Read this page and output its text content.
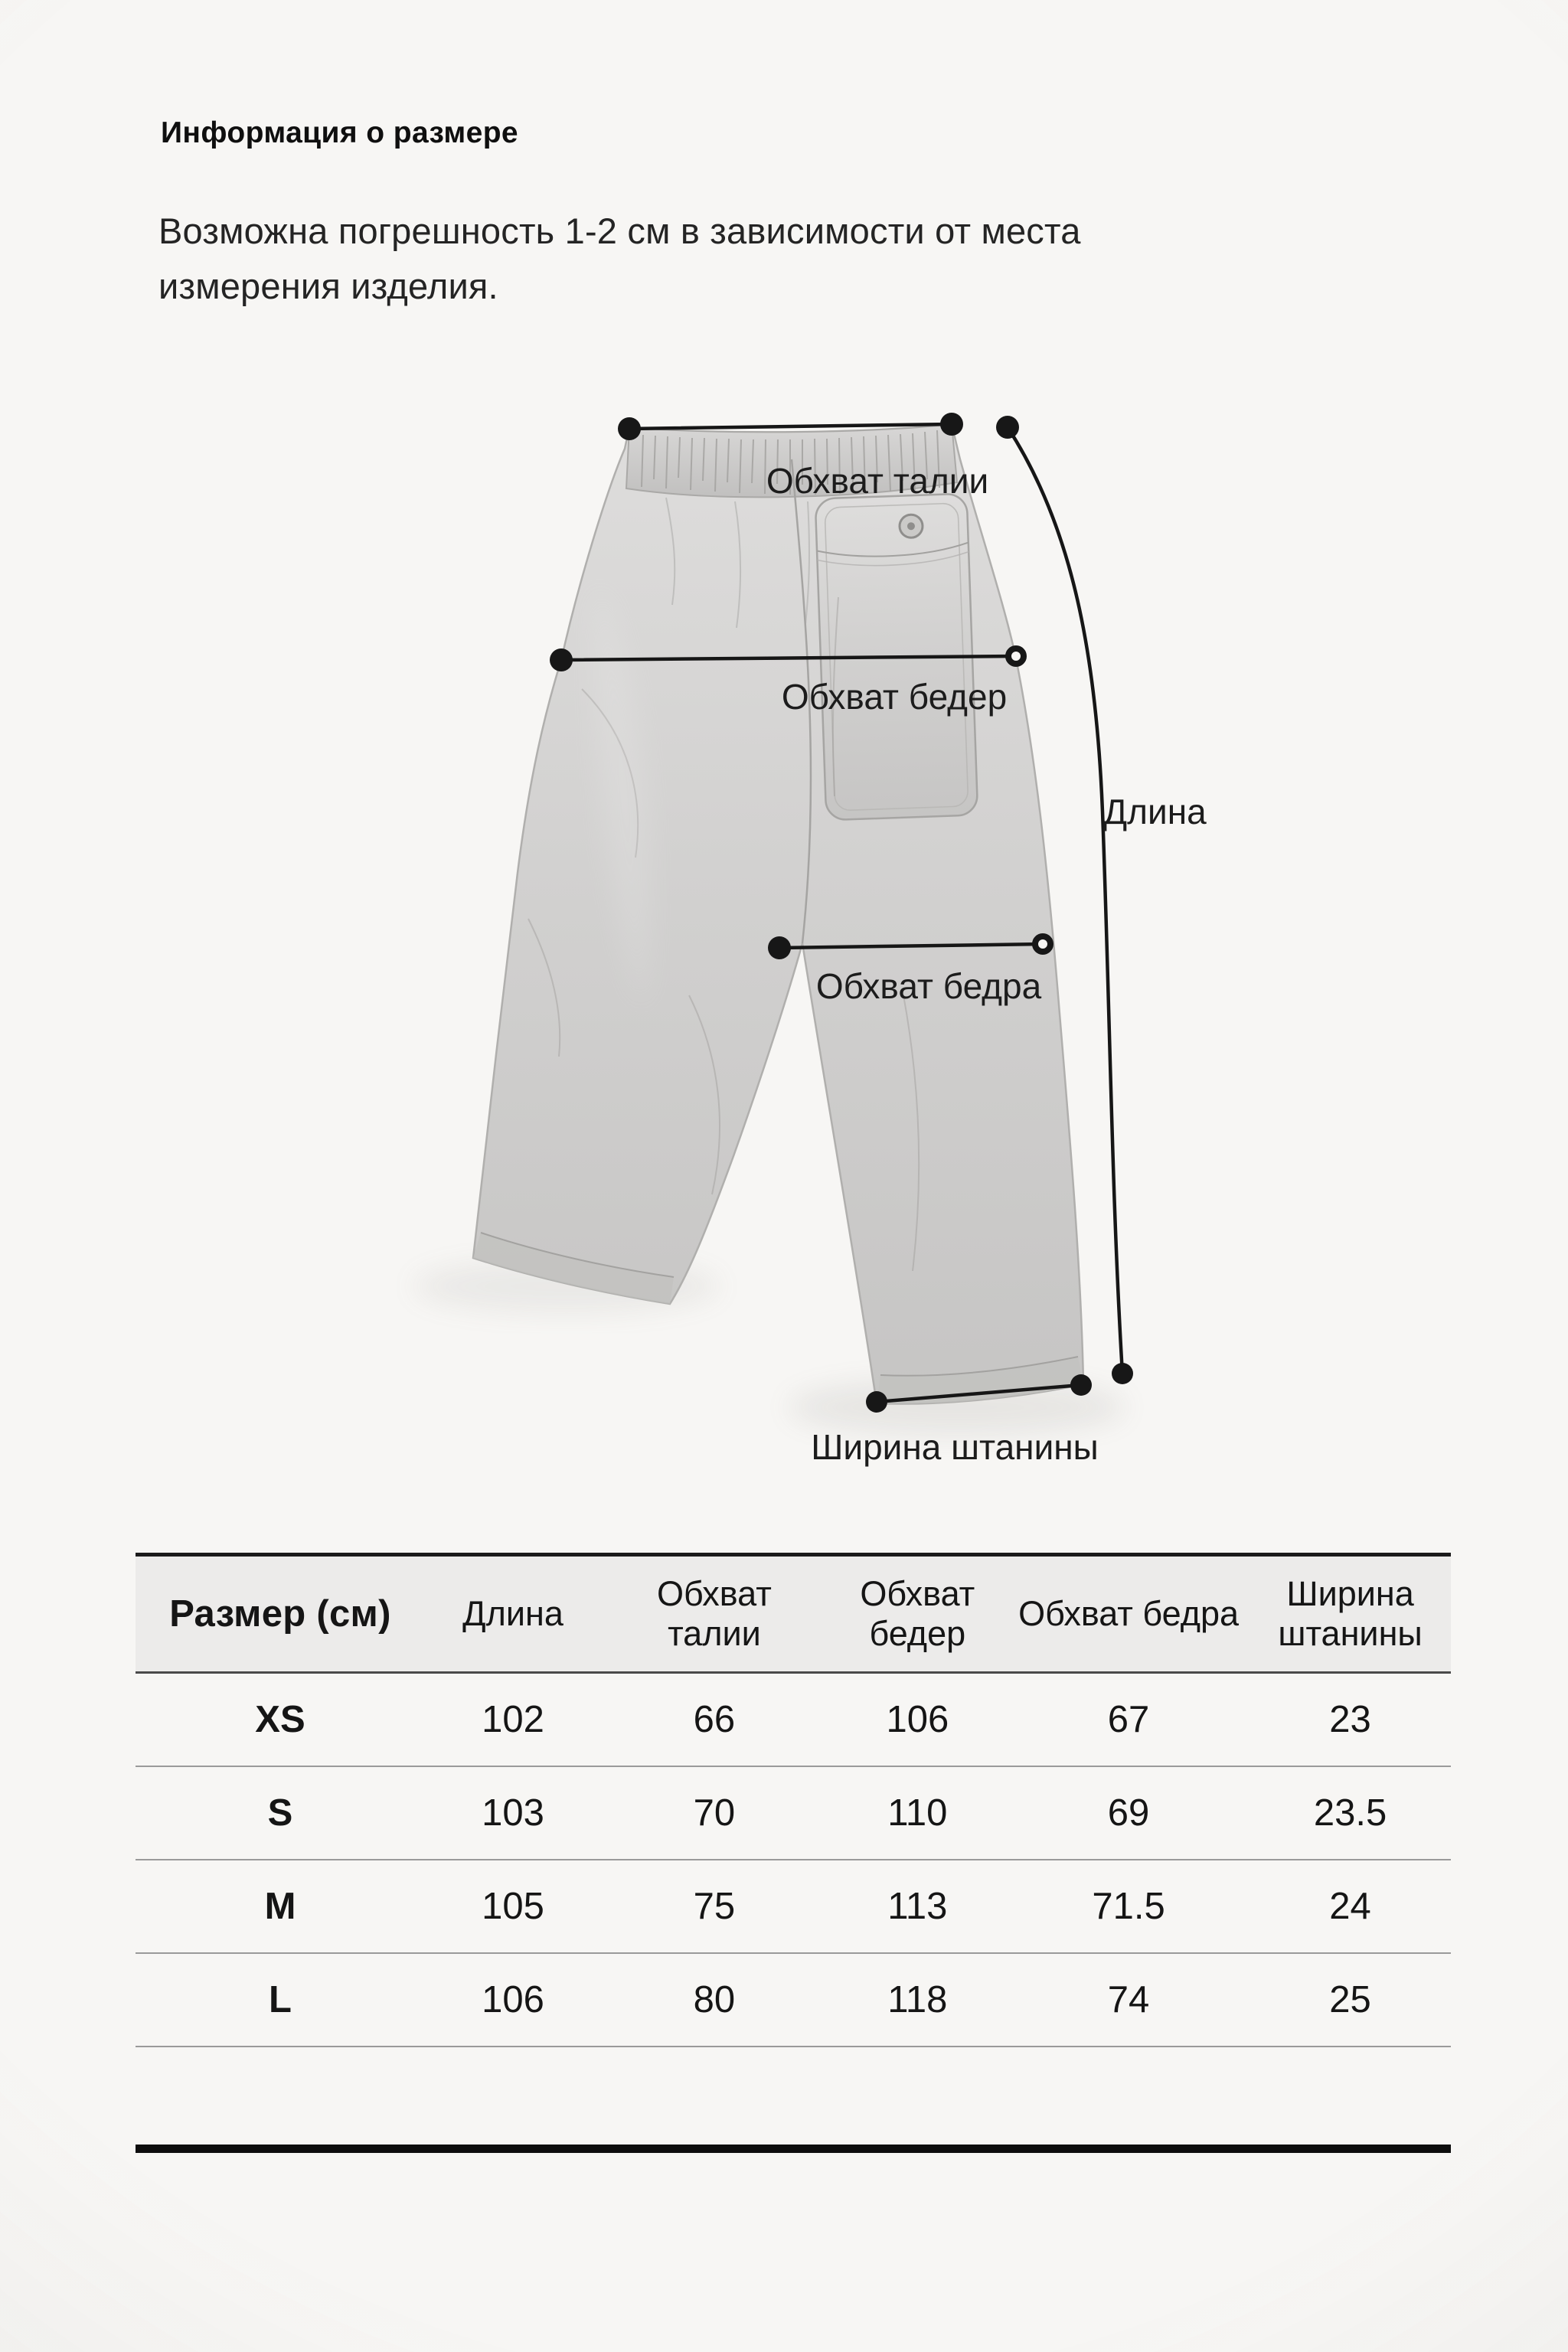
Информация о размере
Возможна погрешность 1-2 см в зависимости от места
измерения изделия.
Обхват талии
Обхват бедер
Длина
Обхват бедра
Ширина штанины
Размер (см)	Длина	Обхват талии	Обхват бедер	Обхват бедра	Ширина штанины
XS	102	66	106	67	23
S	103	70	110	69	23.5
M	105	75	113	71.5	24
L	106	80	118	74	25
